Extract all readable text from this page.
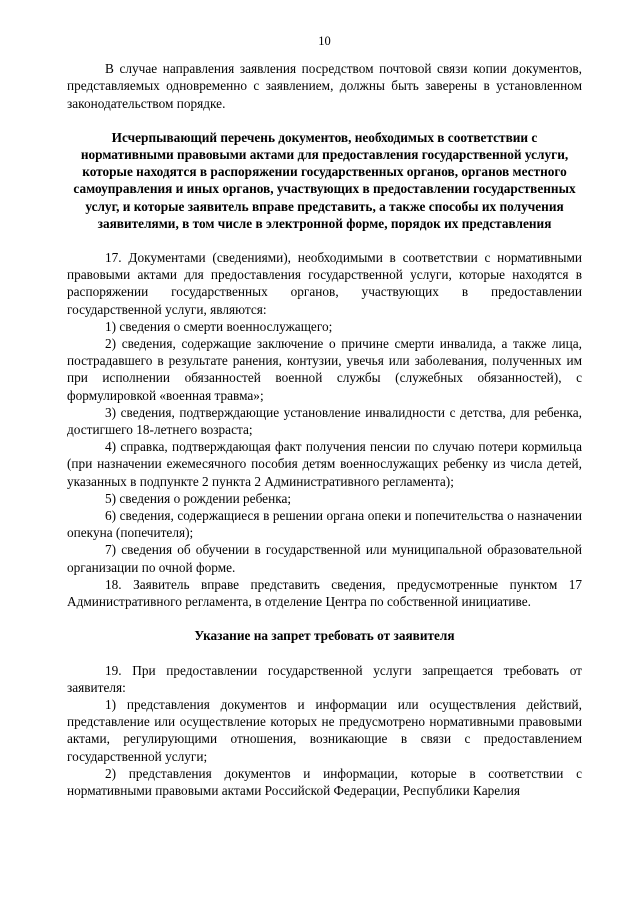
10

В случае направления заявления посредством почтовой связи копии документов, представляемых одновременно с заявлением, должны быть заверены в установленном законодательством порядке.

Исчерпывающий перечень документов, необходимых в соответствии с нормативными правовыми актами для предоставления государственной услуги, которые находятся в распоряжении государственных органов, органов местного самоуправления и иных органов, участвующих в предоставлении государственных услуг, и которые заявитель вправе представить, а также способы их получения заявителями, в том числе в электронной форме, порядок их представления

17. Документами (сведениями), необходимыми в соответствии с нормативными правовыми актами для предоставления государственной услуги, которые находятся в распоряжении государственных органов, участвующих в предоставлении государственной услуги, являются:

1) сведения о смерти военнослужащего;

2) сведения, содержащие заключение о причине смерти инвалида, а также лица, пострадавшего в результате ранения, контузии, увечья или заболевания, полученных им при исполнении обязанностей военной службы (служебных обязанностей), с формулировкой «военная травма»;

3) сведения, подтверждающие установление инвалидности с детства, для ребенка, достигшего 18-летнего возраста;

4) справка, подтверждающая факт получения пенсии по случаю потери кормильца (при назначении ежемесячного пособия детям военнослужащих ребенку из числа детей, указанных в подпункте 2 пункта 2 Административного регламента);

5) сведения о рождении ребенка;

6) сведения, содержащиеся в решении органа опеки и попечительства о назначении опекуна (попечителя);

7) сведения об обучении в государственной или муниципальной образовательной организации по очной форме.

18. Заявитель вправе представить сведения, предусмотренные пунктом 17 Административного регламента, в отделение Центра по собственной инициативе.

Указание на запрет требовать от заявителя

19. При предоставлении государственной услуги запрещается требовать от заявителя:

1) представления документов и информации или осуществления действий, представление или осуществление которых не предусмотрено нормативными правовыми актами, регулирующими отношения, возникающие в связи с предоставлением государственной услуги;

2) представления документов и информации, которые в соответствии с нормативными правовыми актами Российской Федерации, Республики Карелия
